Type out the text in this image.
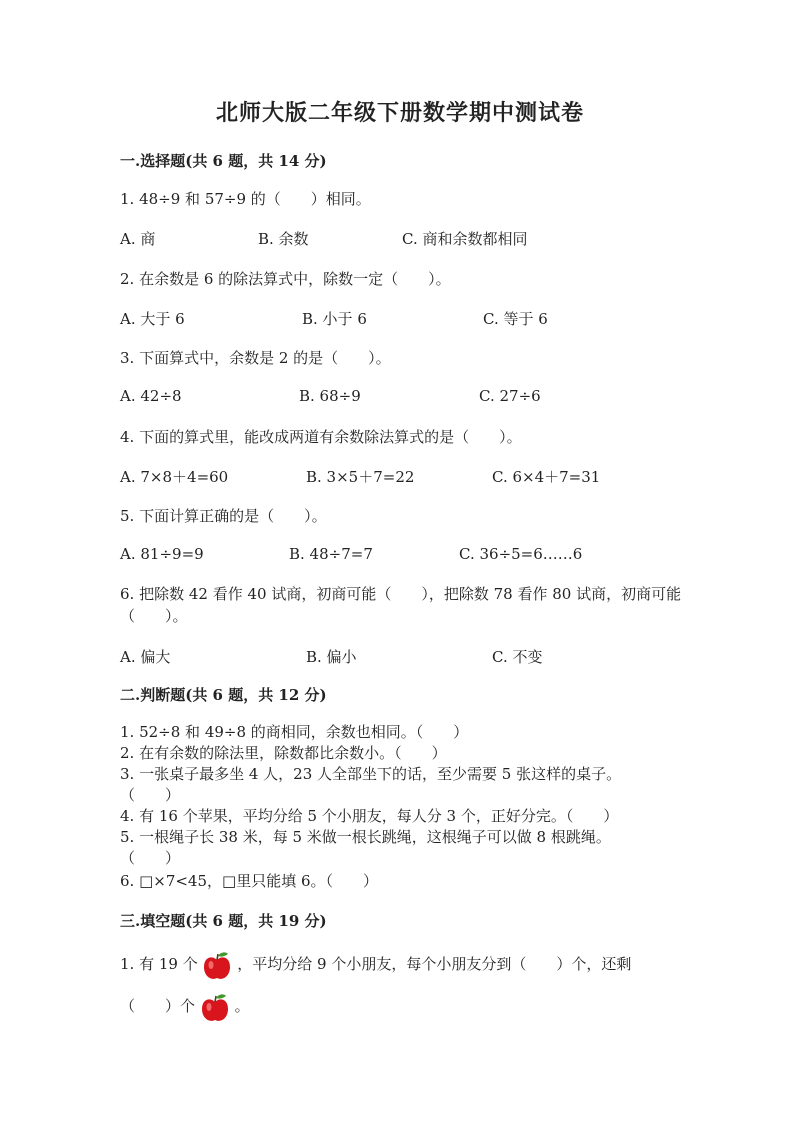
北师大版二年级下册数学期中测试卷
一.选择题(共 6 题，共 14 分)
1. 48÷9 和 57÷9 的（　　）相同。
A. 商	B. 余数	C. 商和余数都相同
2. 在余数是 6 的除法算式中，除数一定（　　）。
A. 大于 6	B. 小于 6	C. 等于 6
3. 下面算式中，余数是 2 的是（　　）。
A. 42÷8	B. 68÷9	C. 27÷6
4. 下面的算式里，能改成两道有余数除法算式的是（　　）。
A. 7×8＋4=60	B. 3×5＋7=22	C. 6×4＋7=31
5. 下面计算正确的是（　　）。
A. 81÷9=9	B. 48÷7=7	C. 36÷5=6……6
6. 把除数 42 看作 40 试商，初商可能（　　），把除数 78 看作 80 试商，初商可能（　　）。
A. 偏大	B. 偏小	C. 不变
二.判断题(共 6 题，共 12 分)
1. 52÷8 和 49÷8 的商相同，余数也相同。（　　）
2. 在有余数的除法里，除数都比余数小。（　　）
3. 一张桌子最多坐 4 人，23 人全部坐下的话，至少需要 5 张这样的桌子。
（　　）
4. 有 16 个苹果，平均分给 5 个小朋友，每人分 3 个，正好分完。（　　）
5. 一根绳子长 38 米，每 5 米做一根长跳绳，这根绳子可以做 8 根跳绳。
（　　）
6. □×7<45，□里只能填 6。（　　）
三.填空题(共 6 题，共 19 分)
1. 有 19 个	，平均分给 9 个小朋友，每个小朋友分到（　　）个，还剩
（　　）个	。
